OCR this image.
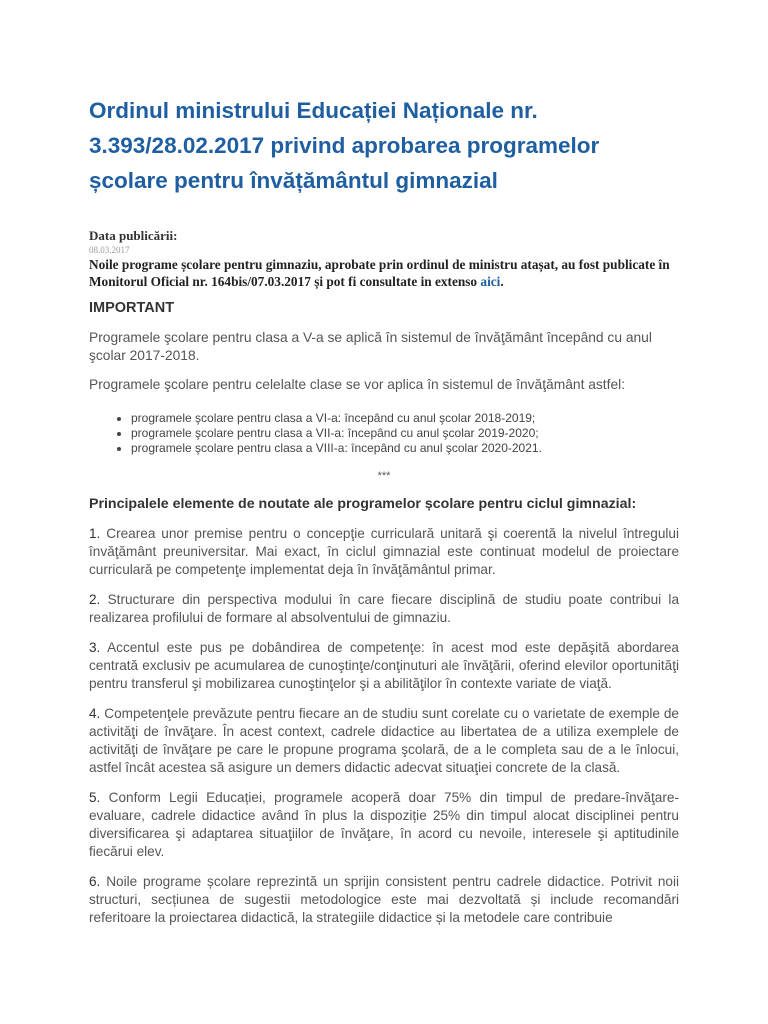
Ordinul ministrului Educației Naționale nr. 3.393/28.02.2017 privind aprobarea programelor școlare pentru învățământul gimnazial
Data publicării:
08.03.2017

Noile programe școlare pentru gimnaziu, aprobate prin ordinul de ministru atașat, au fost publicate în Monitorul Oficial nr. 164bis/07.03.2017 și pot fi consultate in extenso aici.

IMPORTANT

Programele şcolare pentru clasa a V-a se aplică în sistemul de învăţământ începând cu anul şcolar 2017-2018.

Programele şcolare pentru celelalte clase se vor aplica în sistemul de învăţământ astfel:

• programele şcolare pentru clasa a VI-a: începând cu anul şcolar 2018-2019;
• programele şcolare pentru clasa a VII-a: începând cu anul şcolar 2019-2020;
• programele şcolare pentru clasa a VIII-a: începând cu anul şcolar 2020-2021.
***
Principalele elemente de noutate ale programelor școlare pentru ciclul gimnazial:

1. Crearea unor premise pentru o concepţie curriculară unitară şi coerentă la nivelul întregului învăţământ preuniversitar. Mai exact, în ciclul gimnazial este continuat modelul de proiectare curriculară pe competenţe implementat deja în învăţământul primar.

2. Structurare din perspectiva modului în care fiecare disciplină de studiu poate contribui la realizarea profilului de formare al absolventului de gimnaziu.

3. Accentul este pus pe dobândirea de competenţe: în acest mod este depăşită abordarea centrată exclusiv pe acumularea de cunoştinţe/conţinuturi ale învăţării, oferind elevilor oportunităţi pentru transferul şi mobilizarea cunoştinţelor şi a abilităţilor în contexte variate de viaţă.

4. Competenţele prevăzute pentru fiecare an de studiu sunt corelate cu o varietate de exemple de activităţi de învăţare. În acest context, cadrele didactice au libertatea de a utiliza exemplele de activităţi de învăţare pe care le propune programa şcolară, de a le completa sau de a le înlocui, astfel încât acestea să asigure un demers didactic adecvat situaţiei concrete de la clasă.

5. Conform Legii Educației, programele acoperă doar 75% din timpul de predare-învăţare-evaluare, cadrele didactice având în plus la dispoziție 25% din timpul alocat disciplinei pentru diversificarea şi adaptarea situaţiilor de învăţare, în acord cu nevoile, interesele şi aptitudinile fiecărui elev.

6. Noile programe școlare reprezintă un sprijin consistent pentru cadrele didactice. Potrivit noii structuri, secțiunea de sugestii metodologice este mai dezvoltată și include recomandări referitoare la proiectarea didactică, la strategiile didactice și la metodele care contribuie
